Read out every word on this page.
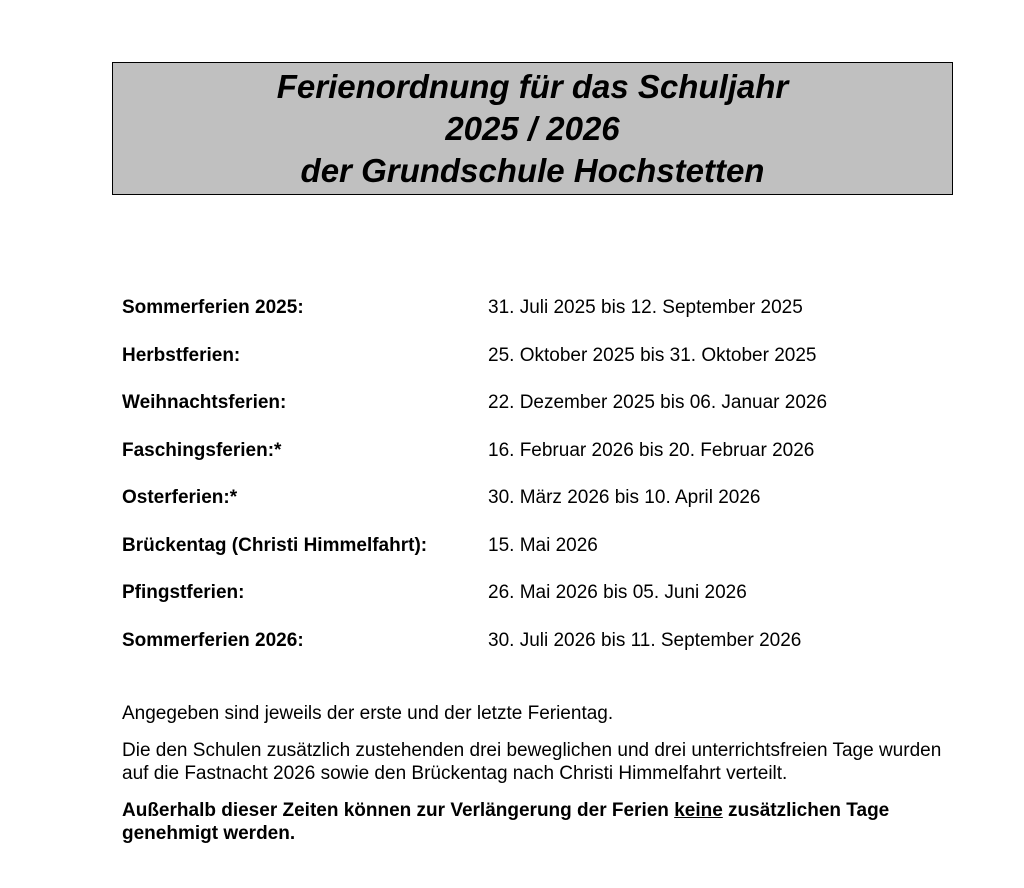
Ferienordnung für das Schuljahr
2025 / 2026
der Grundschule Hochstetten
Sommerferien 2025:	31. Juli 2025 bis 12. September 2025
Herbstferien:	25. Oktober 2025 bis 31. Oktober 2025
Weihnachtsferien:	22. Dezember 2025 bis 06. Januar 2026
Faschingsferien:*	16. Februar 2026 bis 20. Februar 2026
Osterferien:*	30. März 2026 bis 10. April 2026
Brückentag (Christi Himmelfahrt):	15. Mai 2026
Pfingstferien:	26. Mai 2026 bis 05. Juni 2026
Sommerferien 2026:	30. Juli 2026 bis 11. September 2026

Angegeben sind jeweils der erste und der letzte Ferientag.

Die den Schulen zusätzlich zustehenden drei beweglichen und drei unterrichtsfreien Tage wurden auf die Fastnacht 2026 sowie den Brückentag nach Christi Himmelfahrt verteilt.

Außerhalb dieser Zeiten können zur Verlängerung der Ferien keine zusätzlichen Tage genehmigt werden.
